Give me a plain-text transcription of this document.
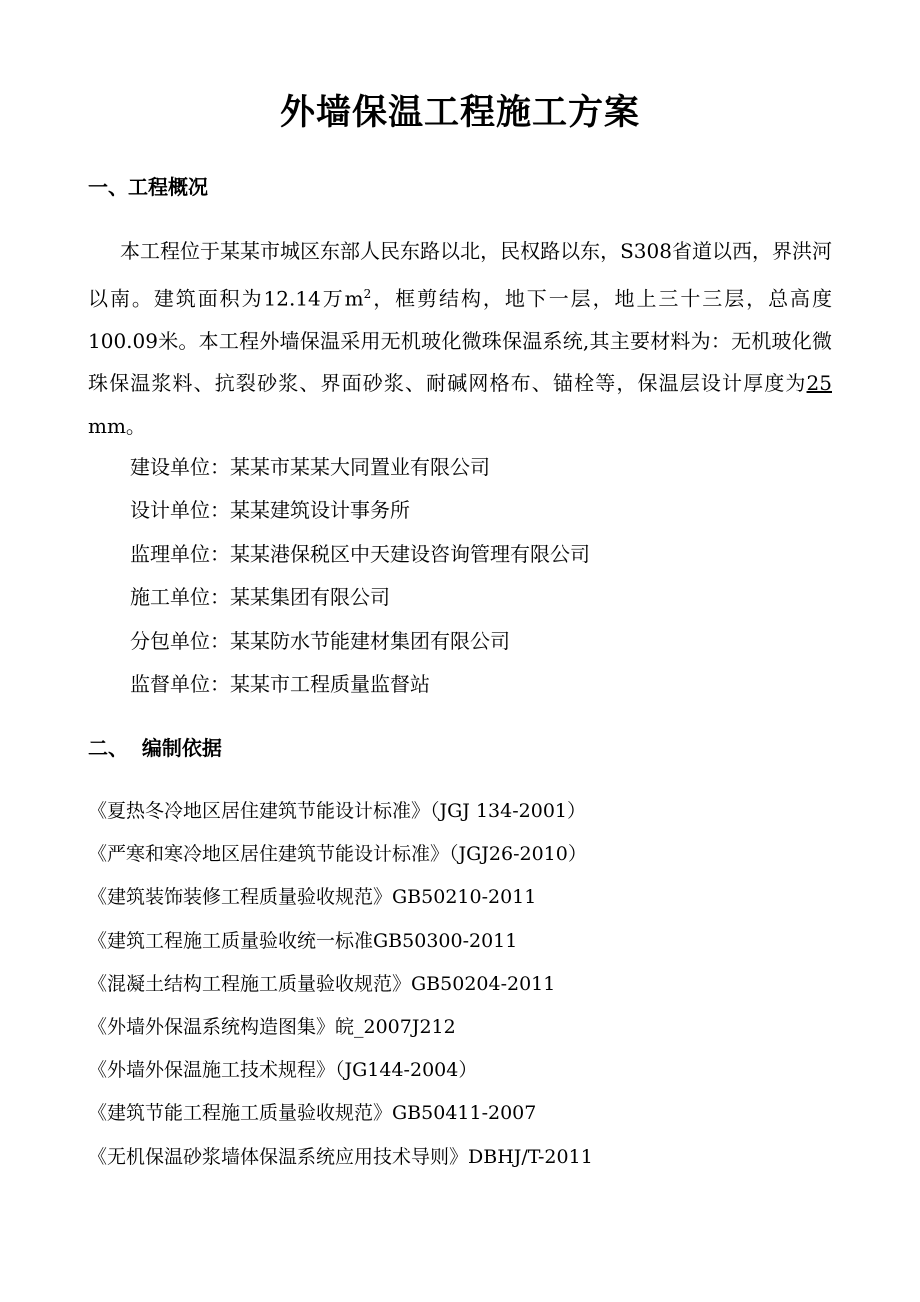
外墙保温工程施工方案
一、工程概况
本工程位于某某市城区东部人民东路以北，民权路以东，S308省道以西，界洪河以南。建筑面积为12.14万$m^2$，框剪结构，地下一层，地上三十三层，总高度100.09米。本工程外墙保温采用无机玻化微珠保温系统,其主要材料为：无机玻化微珠保温浆料、抗裂砂浆、界面砂浆、耐碱网格布、锚栓等，保温层设计厚度为25 mm。
建设单位：某某市某某大同置业有限公司
设计单位：某某建筑设计事务所
监理单位：某某港保税区中天建设咨询管理有限公司
施工单位：某某集团有限公司
分包单位：某某防水节能建材集团有限公司
监督单位：某某市工程质量监督站
二、  编制依据
《夏热冬冷地区居住建筑节能设计标准》（JGJ 134-2001）
《严寒和寒冷地区居住建筑节能设计标准》（JGJ26-2010）
《建筑装饰装修工程质量验收规范》GB50210-2011
《建筑工程施工质量验收统一标准GB50300-2011
《混凝土结构工程施工质量验收规范》GB50204-2011
《外墙外保温系统构造图集》皖_2007J212
《外墙外保温施工技术规程》（JG144-2004）
《建筑节能工程施工质量验收规范》GB50411-2007
《无机保温砂浆墙体保温系统应用技术导则》DBHJ/T-2011
